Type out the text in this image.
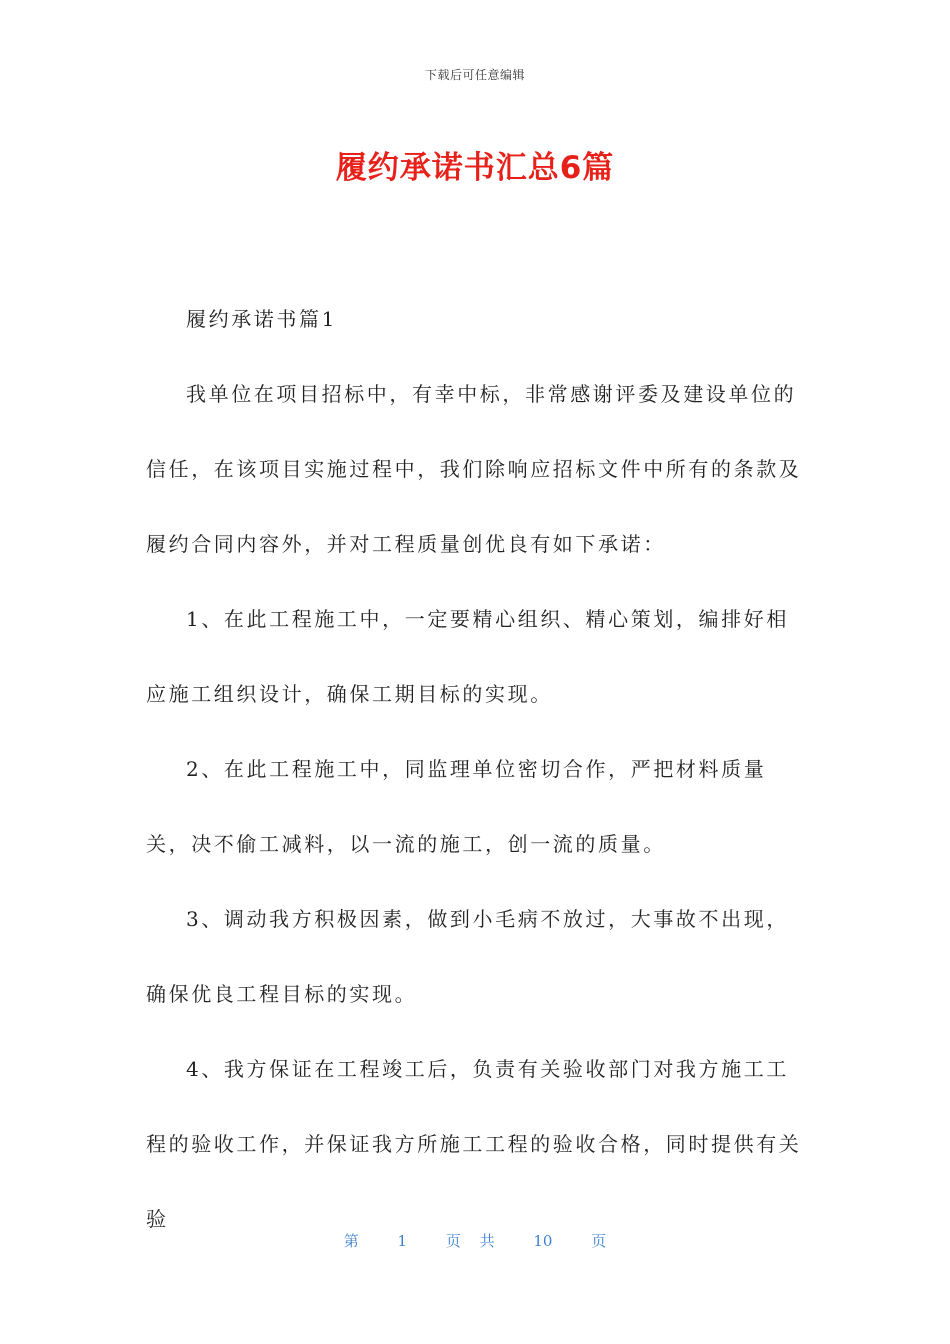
下载后可任意编辑
履约承诺书汇总6篇

履约承诺书篇1

我单位在项目招标中，有幸中标，非常感谢评委及建设单位的信任，在该项目实施过程中，我们除响应招标文件中所有的条款及履约合同内容外，并对工程质量创优良有如下承诺：

1、在此工程施工中，一定要精心组织、精心策划，编排好相应施工组织设计，确保工期目标的实现。

2、在此工程施工中，同监理单位密切合作，严把材料质量关，决不偷工减料，以一流的施工，创一流的质量。

3、调动我方积极因素，做到小毛病不放过，大事故不出现，确保优良工程目标的实现。

4、我方保证在工程竣工后，负责有关验收部门对我方施工工程的验收工作，并保证我方所施工工程的验收合格，同时提供有关验

第	1	页 共	10	页
